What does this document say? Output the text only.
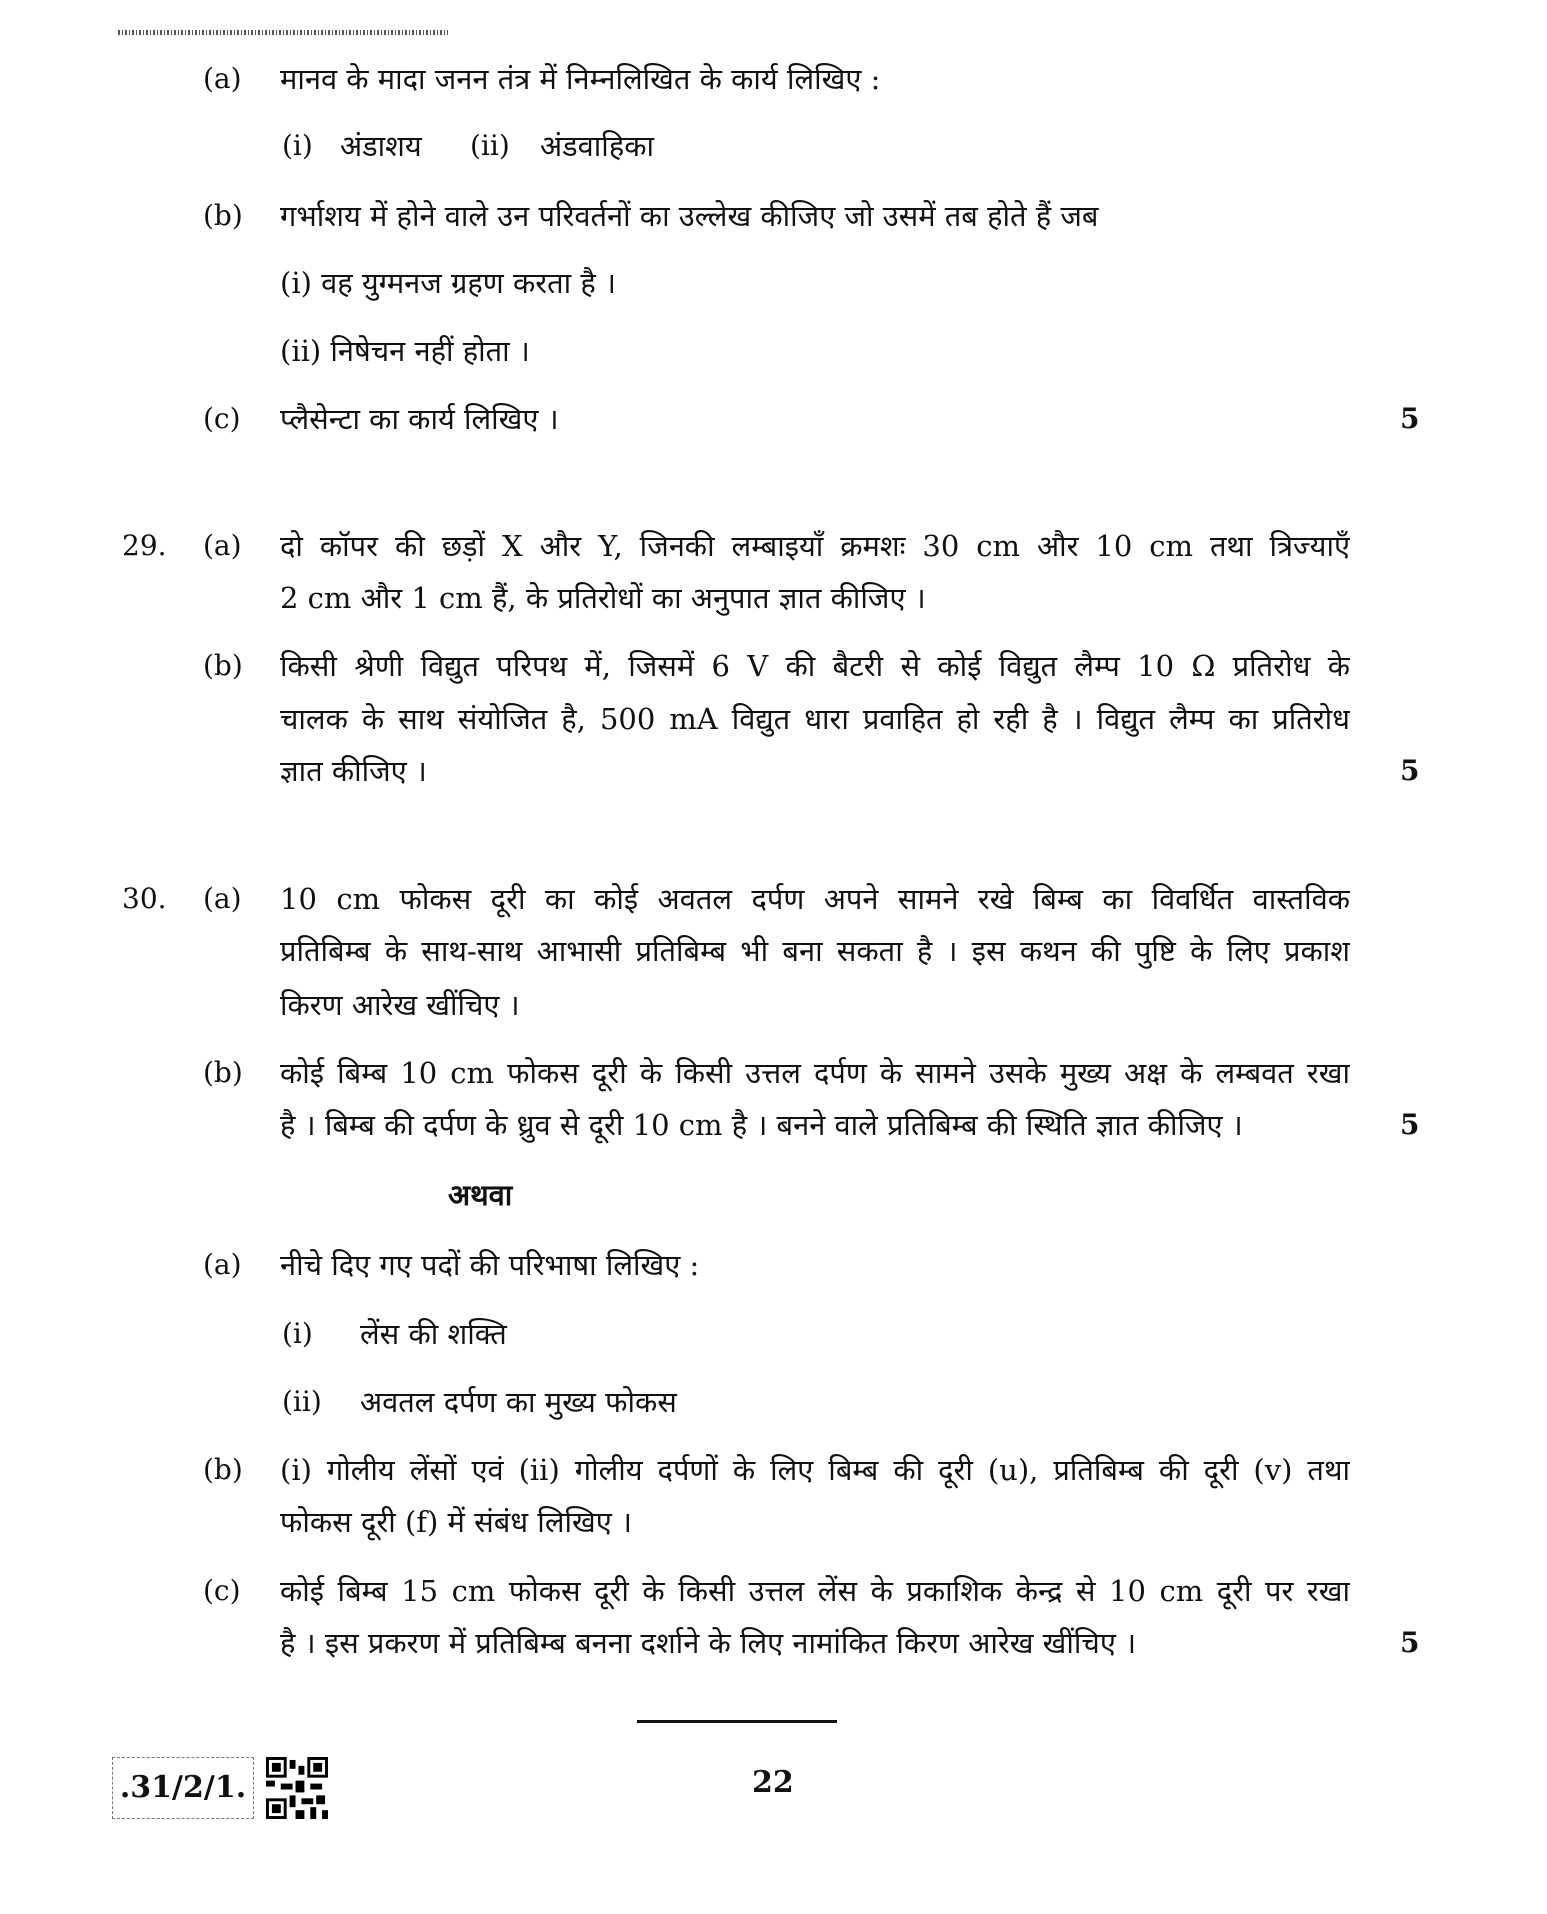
(a) मानव के मादा जनन तंत्र में निम्नलिखित के कार्य लिखिए :
(i) अंडाशय (ii) अंडवाहिका
(b) गर्भाशय में होने वाले उन परिवर्तनों का उल्लेख कीजिए जो उसमें तब होते हैं जब
(i) वह युग्मनज ग्रहण करता है ।
(ii) निषेचन नहीं होता ।
(c) प्लैसेन्टा का कार्य लिखिए ।	5
29. (a) दो कॉपर की छड़ों X और Y, जिनकी लम्बाइयाँ क्रमशः 30 cm और 10 cm तथा त्रिज्याएँ
2 cm और 1 cm हैं, के प्रतिरोधों का अनुपात ज्ञात कीजिए ।
(b) किसी श्रेणी विद्युत परिपथ में, जिसमें 6 V की बैटरी से कोई विद्युत लैम्प 10 Ω प्रतिरोध के
चालक के साथ संयोजित है, 500 mA विद्युत धारा प्रवाहित हो रही है । विद्युत लैम्प का प्रतिरोध
ज्ञात कीजिए ।	5
30. (a) 10 cm फोकस दूरी का कोई अवतल दर्पण अपने सामने रखे बिम्ब का विवर्धित वास्तविक
प्रतिबिम्ब के साथ-साथ आभासी प्रतिबिम्ब भी बना सकता है । इस कथन की पुष्टि के लिए प्रकाश
किरण आरेख खींचिए ।
(b) कोई बिम्ब 10 cm फोकस दूरी के किसी उत्तल दर्पण के सामने उसके मुख्य अक्ष के लम्बवत रखा
है । बिम्ब की दर्पण के ध्रुव से दूरी 10 cm है । बनने वाले प्रतिबिम्ब की स्थिति ज्ञात कीजिए ।	5
अथवा
(a) नीचे दिए गए पदों की परिभाषा लिखिए :
(i) लेंस की शक्ति
(ii) अवतल दर्पण का मुख्य फोकस
(b) (i) गोलीय लेंसों एवं (ii) गोलीय दर्पणों के लिए बिम्ब की दूरी (u), प्रतिबिम्ब की दूरी (v) तथा
फोकस दूरी (f) में संबंध लिखिए ।
(c) कोई बिम्ब 15 cm फोकस दूरी के किसी उत्तल लेंस के प्रकाशिक केन्द्र से 10 cm दूरी पर रखा
है । इस प्रकरण में प्रतिबिम्ब बनना दर्शाने के लिए नामांकित किरण आरेख खींचिए ।	5
.31/2/1.	22
